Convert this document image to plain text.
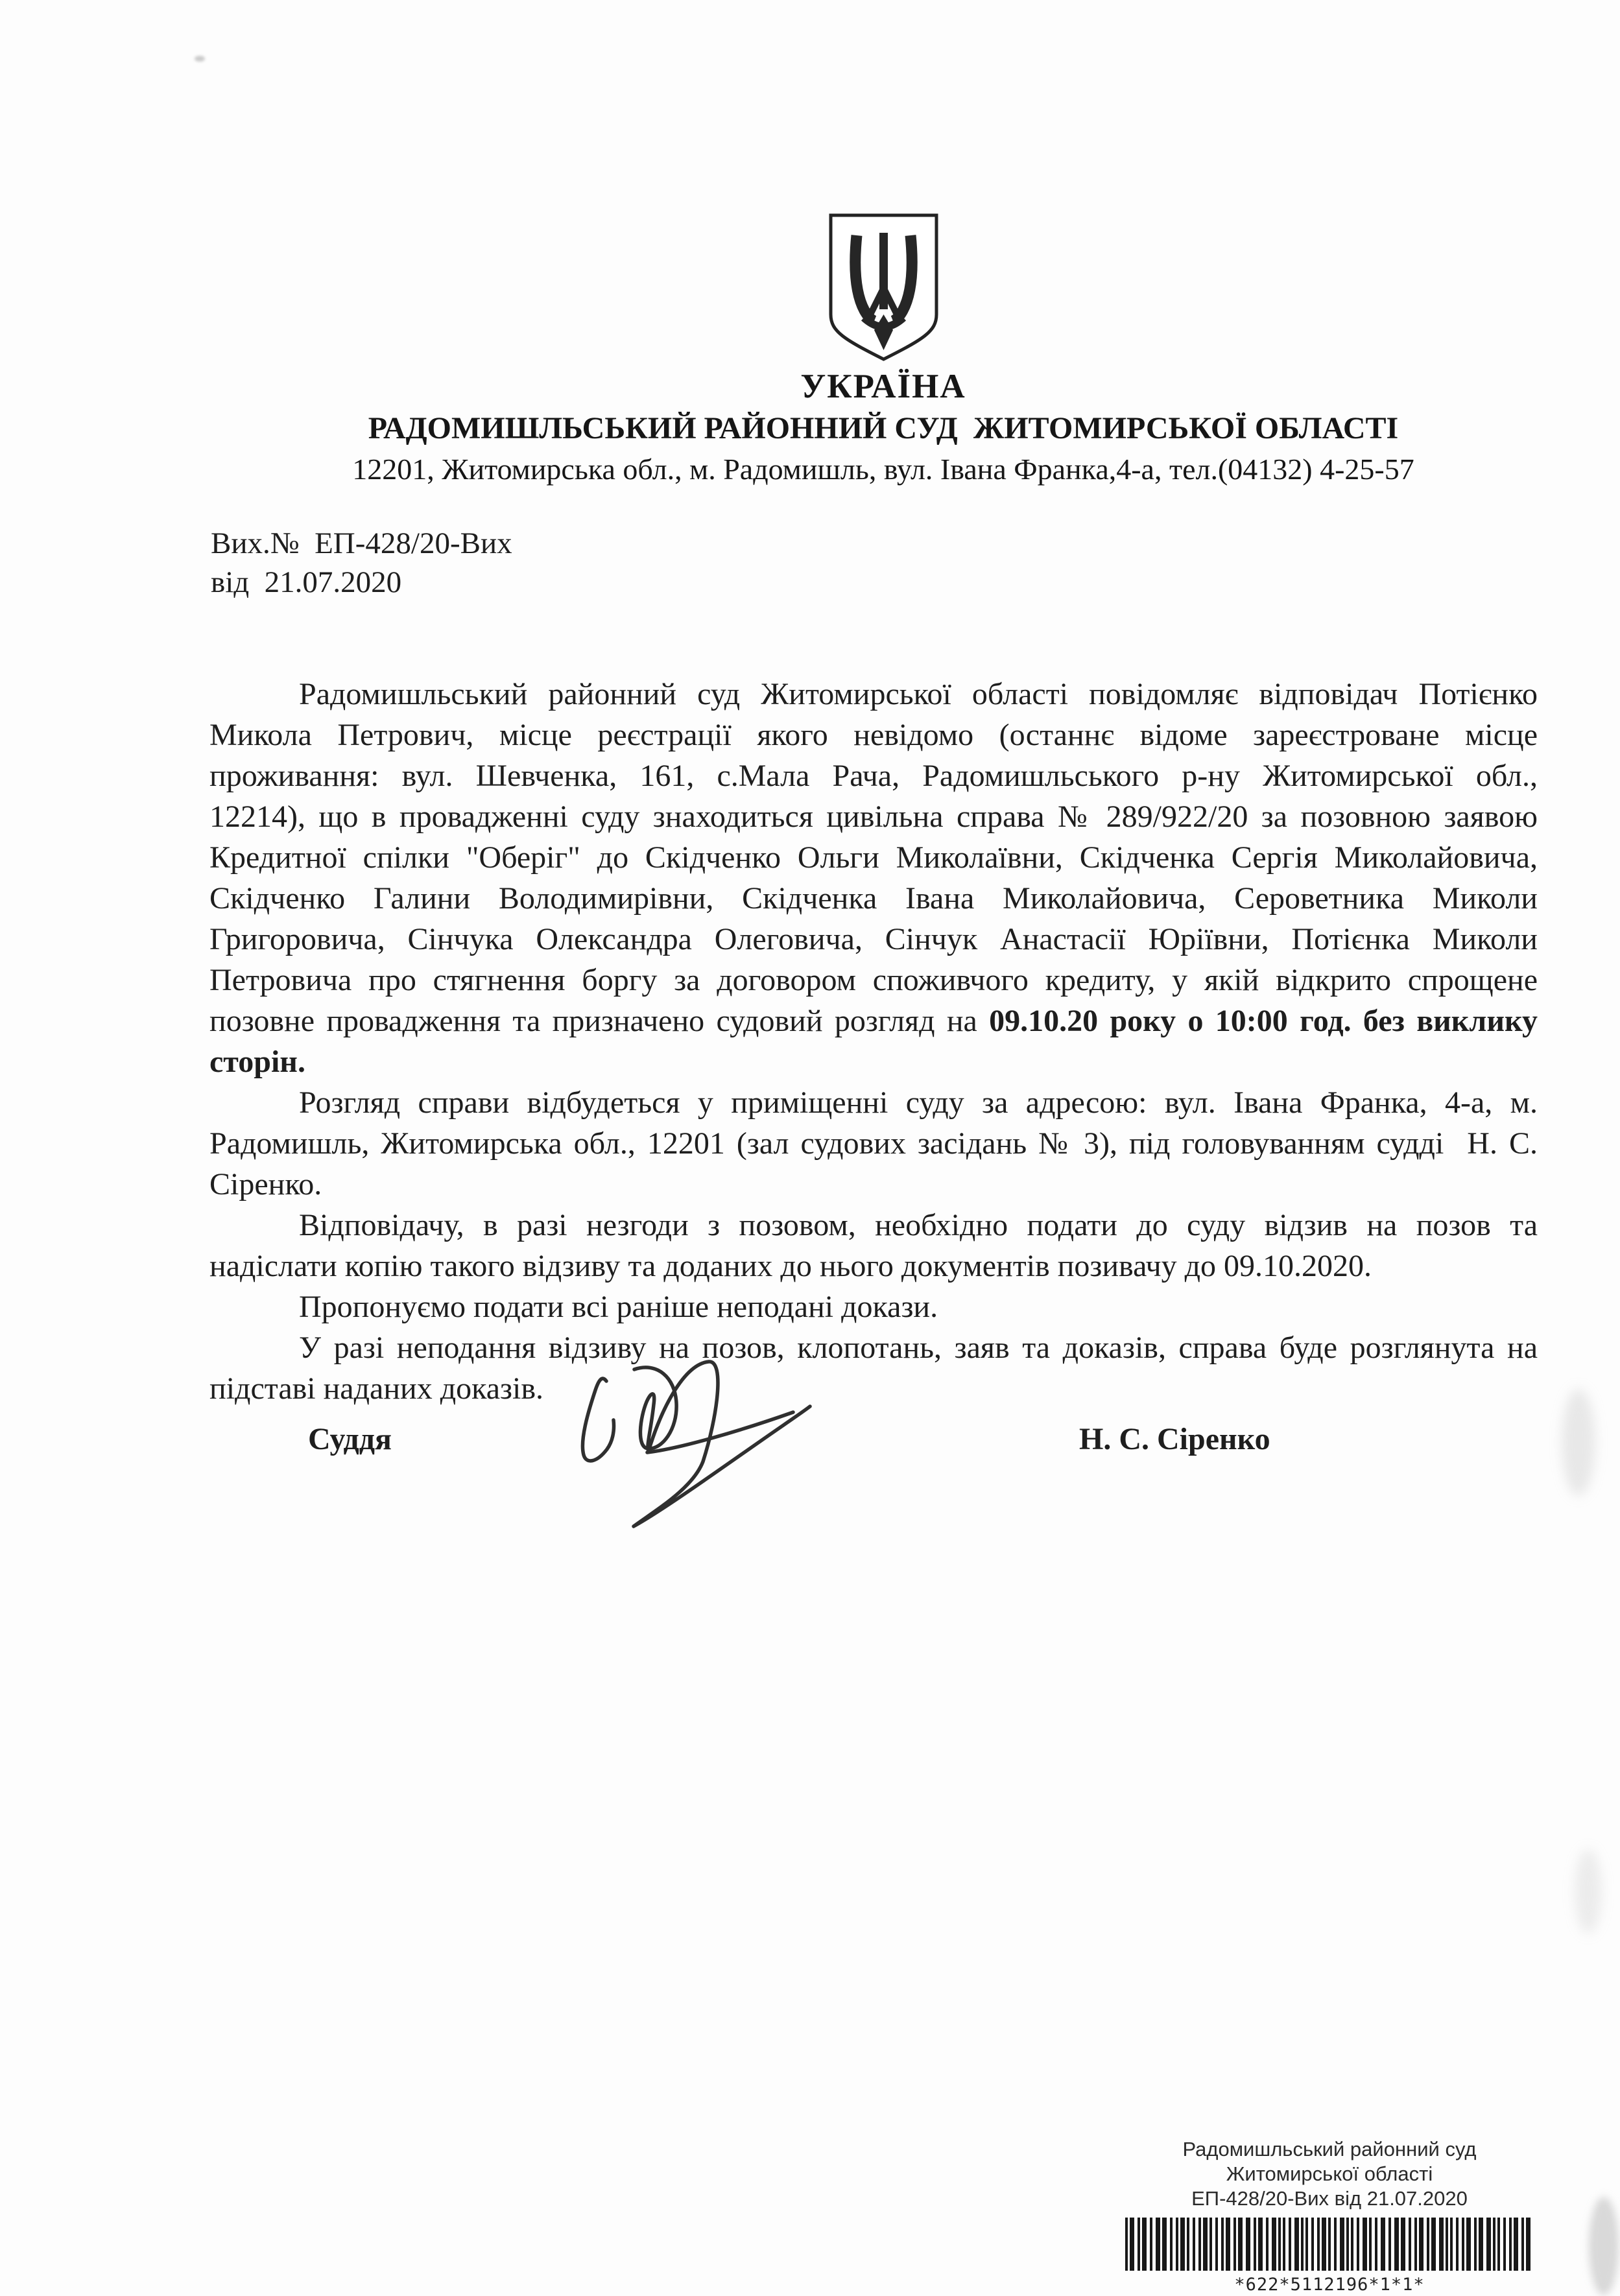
УКРАЇНА
РАДОМИШЛЬСЬКИЙ РАЙОННИЙ СУД  ЖИТОМИРСЬКОЇ ОБЛАСТІ
12201, Житомирська обл., м. Радомишль, вул. Івана Франка,4-а, тел.(04132) 4-25-57
Вих.№  ЕП-428/20-Вих
від  21.07.2020
Радомишльський районний суд Житомирської області повідомляє відповідач Потієнко
Микола Петрович, місце реєстрації якого невідомо (останнє відоме зареєстроване місце
проживання: вул. Шевченка, 161, с.Мала Рача, Радомишльського р-ну Житомирської обл.,
12214), що в провадженні суду знаходиться цивільна справа № 289/922/20 за позовною заявою
Кредитної спілки "Оберіг" до Скідченко Ольги Миколаївни, Скідченка Сергія Миколайовича,
Скідченко Галини Володимирівни, Скідченка Івана Миколайовича, Сероветника Миколи
Григоровича, Сінчука Олександра Олеговича, Сінчук Анастасії Юріївни, Потієнка Миколи
Петровича про стягнення боргу за договором споживчого кредиту, у якій відкрито спрощене
позовне провадження та призначено судовий розгляд на 09.10.20 року о 10:00 год. без виклику
сторін.
Розгляд справи відбудеться у приміщенні суду за адресою: вул. Івана Франка, 4-а, м.
Радомишль, Житомирська обл., 12201 (зал судових засідань № 3), під головуванням судді  Н. С.
Сіренко.
Відповідачу, в разі незгоди з позовом, необхідно подати до суду відзив на позов та
надіслати копію такого відзиву та доданих до нього документів позивачу до 09.10.2020.
Пропонуємо подати всі раніше неподані докази.
У разі неподання відзиву на позов, клопотань, заяв та доказів, справа буде розглянута на
підставі наданих доказів.
Суддя	Н. С. Сіренко
Радомишльський районний суд
Житомирської області
ЕП-428/20-Вих від 21.07.2020
*622*5112196*1*1*
